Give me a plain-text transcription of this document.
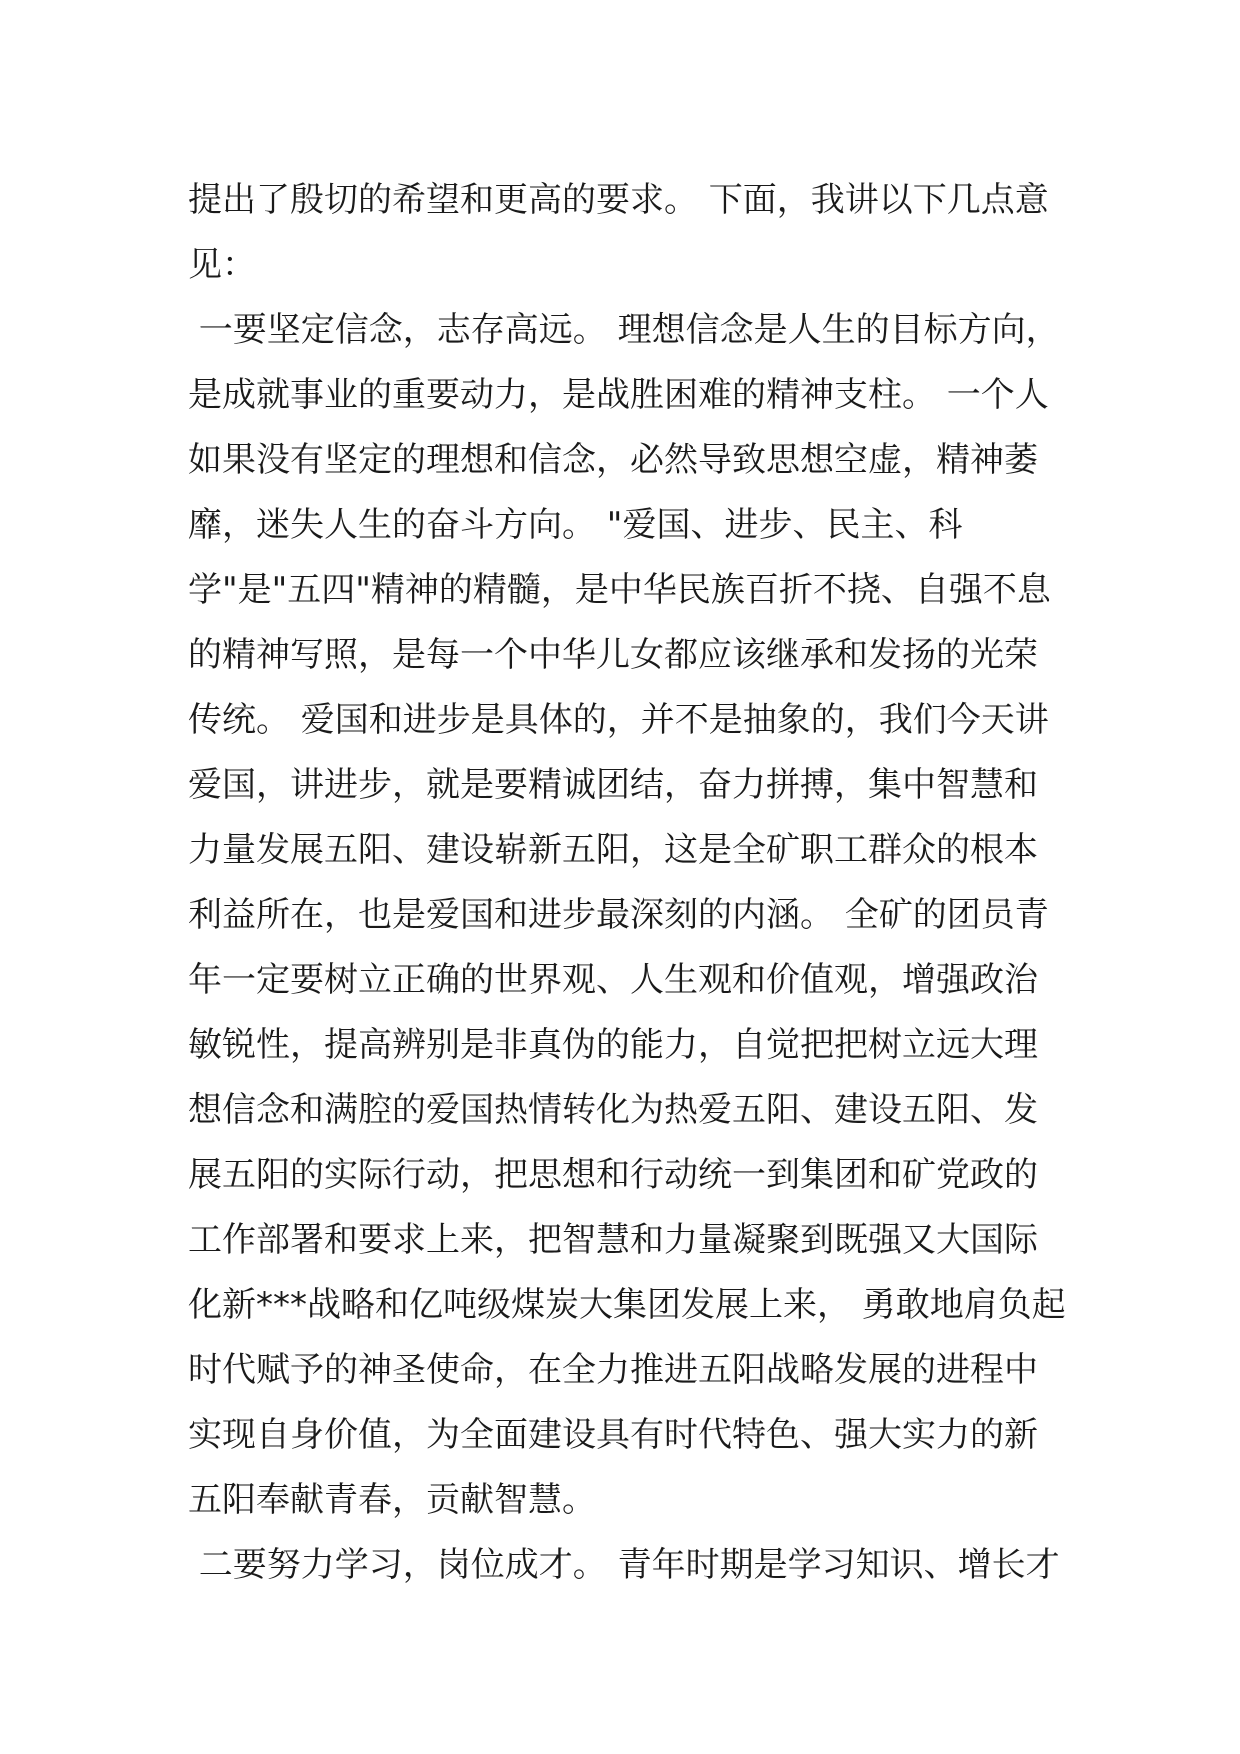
提出了殷切的希望和更高的要求。 下面，我讲以下几点意
见：
一要坚定信念，志存高远。 理想信念是人生的目标方向，
是成就事业的重要动力，是战胜困难的精神支柱。 一个人
如果没有坚定的理想和信念，必然导致思想空虚，精神萎
靡，迷失人生的奋斗方向。 "爱国、进步、民主、科
学"是"五四"精神的精髓，是中华民族百折不挠、自强不息
的精神写照，是每一个中华儿女都应该继承和发扬的光荣
传统。 爱国和进步是具体的，并不是抽象的，我们今天讲
爱国，讲进步，就是要精诚团结，奋力拼搏，集中智慧和
力量发展五阳、建设崭新五阳，这是全矿职工群众的根本
利益所在，也是爱国和进步最深刻的内涵。 全矿的团员青
年一定要树立正确的世界观、人生观和价值观，增强政治
敏锐性，提高辨别是非真伪的能力，自觉把把树立远大理
想信念和满腔的爱国热情转化为热爱五阳、建设五阳、发
展五阳的实际行动，把思想和行动统一到集团和矿党政的
工作部署和要求上来，把智慧和力量凝聚到既强又大国际
化新***战略和亿吨级煤炭大集团发展上来， 勇敢地肩负起
时代赋予的神圣使命，在全力推进五阳战略发展的进程中
实现自身价值，为全面建设具有时代特色、强大实力的新
五阳奉献青春，贡献智慧。
二要努力学习，岗位成才。 青年时期是学习知识、增长才
